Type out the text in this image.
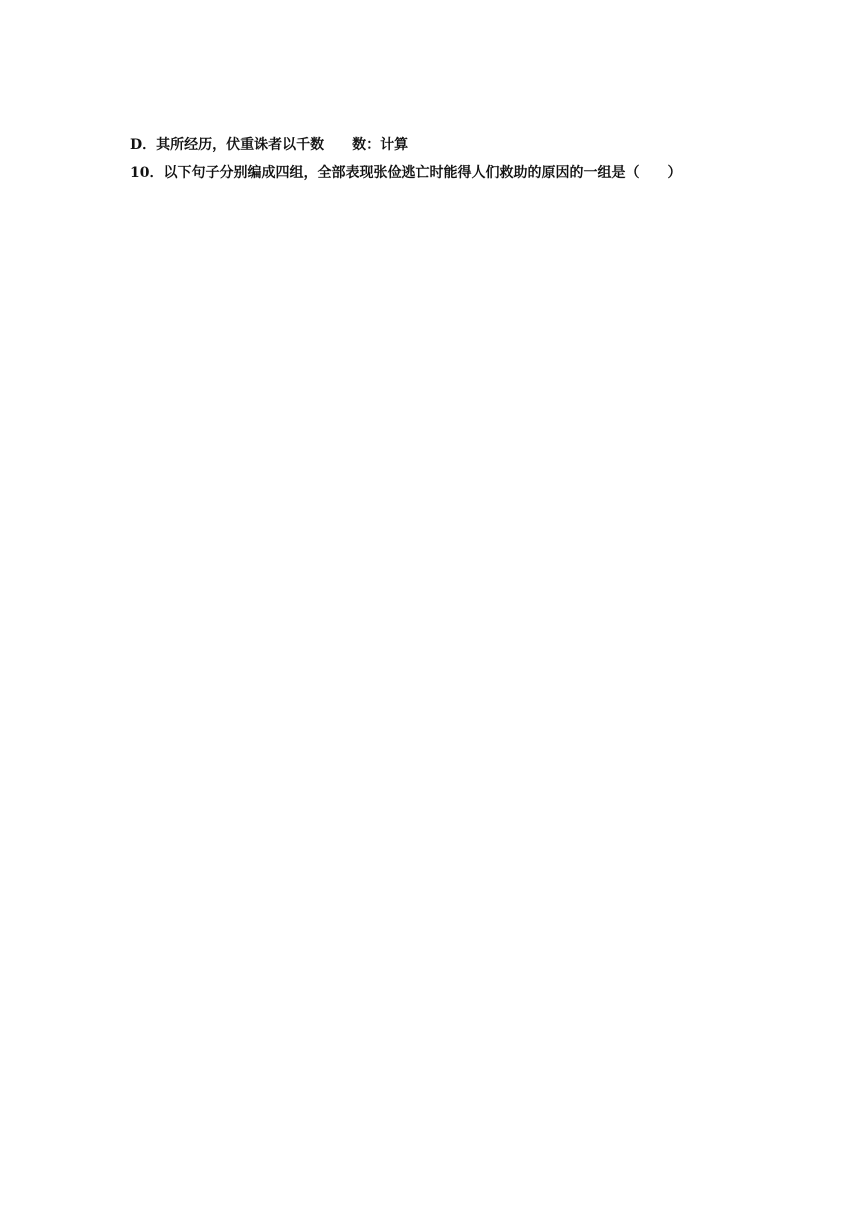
D．其所经历，伏重诛者以千数　　数：计算
10．以下句子分别编成四组，全部表现张俭逃亡时能得人们救助的原因的一组是（　　）
